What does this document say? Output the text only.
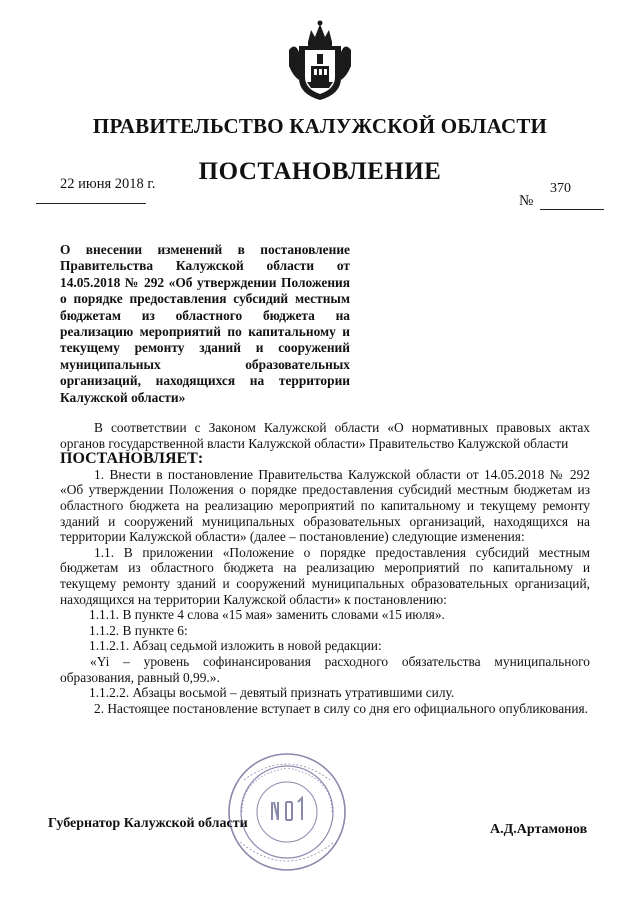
ПРАВИТЕЛЬСТВО КАЛУЖСКОЙ ОБЛАСТИ
ПОСТАНОВЛЕНИЕ
22 июня 2018 г.	370
№
О внесении изменений в постановление Правительства Калужской области от 14.05.2018 № 292 «Об утверждении Положения о порядке предоставления субсидий местным бюджетам из областного бюджета на реализацию мероприятий по капитальному и текущему ремонту зданий и сооружений муниципальных образовательных организаций, находящихся на территории Калужской области»

В соответствии с Законом Калужской области «О нормативных правовых актах органов государственной власти Калужской области» Правительство Калужской области

ПОСТАНОВЛЯЕТ:

1. Внести в постановление Правительства Калужской области от 14.05.2018 № 292 «Об утверждении Положения о порядке предоставления субсидий местным бюджетам из областного бюджета на реализацию мероприятий по капитальному и текущему ремонту зданий и сооружений муниципальных образовательных организаций, находящихся на территории Калужской области» (далее – постановление) следующие изменения:

1.1. В приложении «Положение о порядке предоставления субсидий местным бюджетам из областного бюджета на реализацию мероприятий по капитальному и текущему ремонту зданий и сооружений муниципальных образовательных организаций, находящихся на территории Калужской области» к постановлению:

1.1.1. В пункте 4 слова «15 мая» заменить словами «15 июля».

1.1.2. В пункте 6:

1.1.2.1. Абзац седьмой изложить в новой редакции:

«Yi – уровень софинансирования расходного обязательства муниципального образования, равный 0,99.».

1.1.2.2. Абзацы восьмой – девятый признать утратившими силу.

2. Настоящее постановление вступает в силу со дня его официального опубликования.

Губернатор Калужской области	А.Д.Артамонов
